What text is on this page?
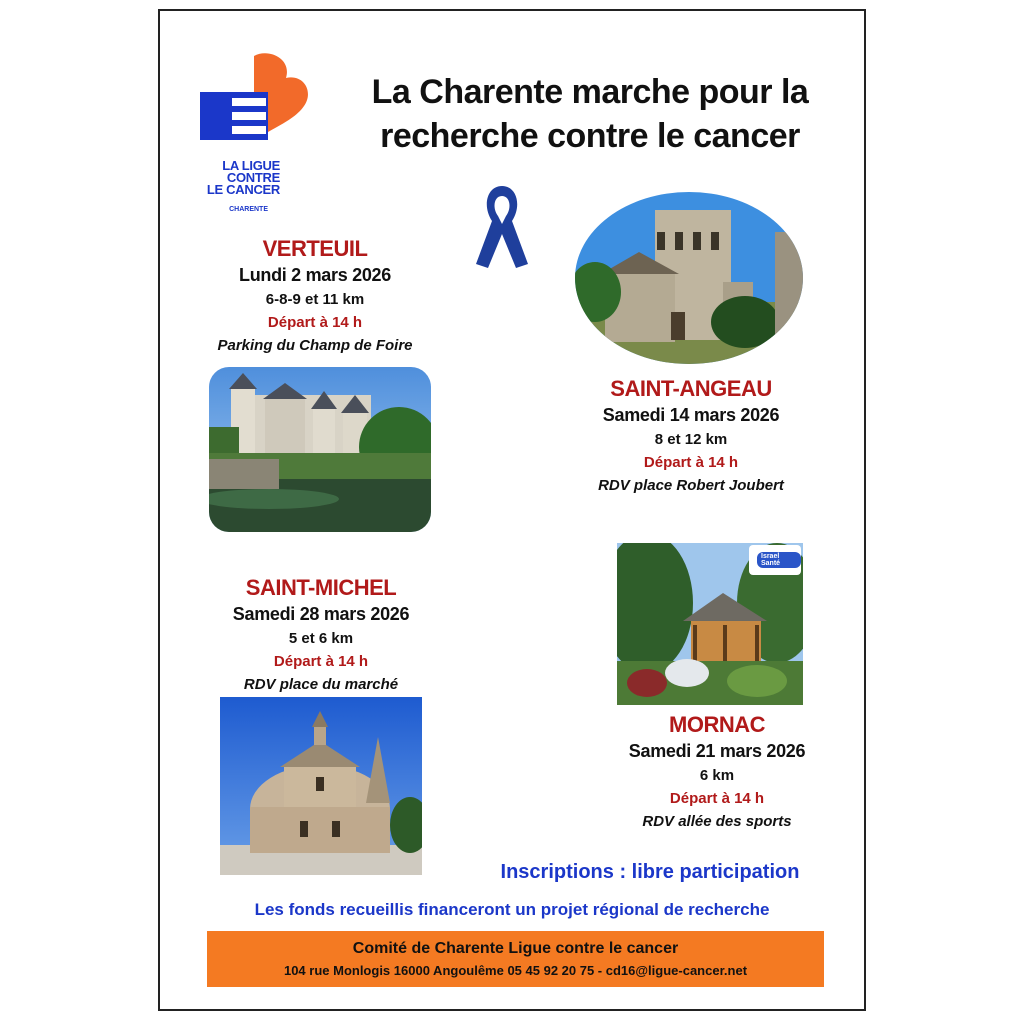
LA LIGUE
CONTRE
LE CANCER
CHARENTE
La Charente marche pour la
recherche contre le cancer
VERTEUIL
Lundi 2 mars 2026
6-8-9 et 11 km
Départ à 14 h
Parking du Champ de Foire
SAINT-ANGEAU
Samedi 14 mars 2026
8 et 12 km
Départ à 14 h
RDV place Robert Joubert
SAINT-MICHEL
Samedi 28 mars 2026
5 et 6 km
Départ à 14 h
RDV place du marché
Israel Santé
MORNAC
Samedi 21 mars 2026
6 km
Départ à 14 h
RDV allée des sports
Inscriptions : libre participation
Les fonds recueillis financeront un projet régional de recherche
Comité de Charente Ligue contre le cancer
104 rue Monlogis 16000 Angoulême 05 45 92 20 75 - cd16@ligue-cancer.net
